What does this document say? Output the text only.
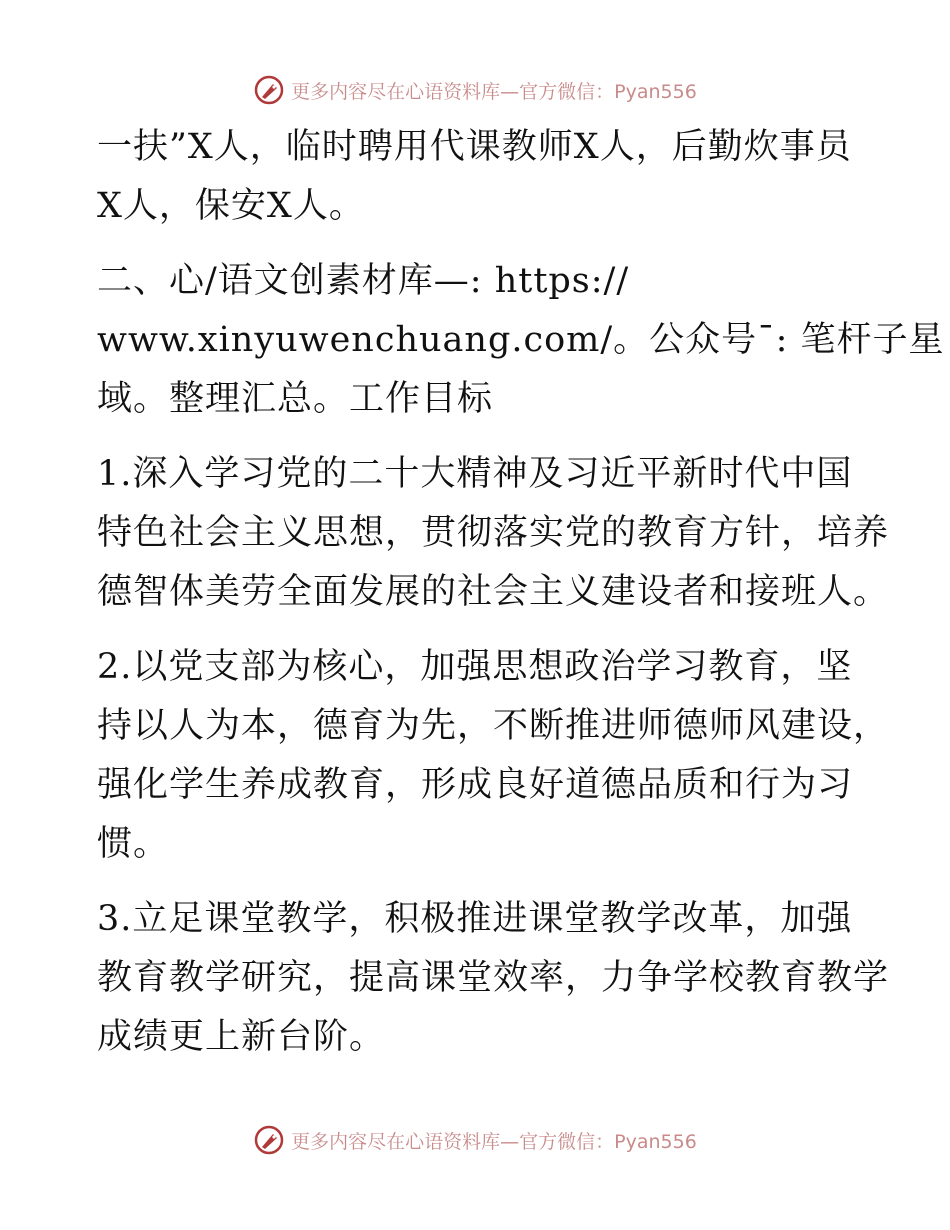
更多内容尽在心语资料库—官方微信：Pyan556
一扶”X人，临时聘用代课教师X人，后勤炊事员
X人，保安X人。
二、心/语文创素材库—: https://
www.xinyuwenchuang.com/。公众号¯: 笔杆子星
域。整理汇总。工作目标
1.深入学习党的二十大精神及习近平新时代中国
特色社会主义思想，贯彻落实党的教育方针，培养
德智体美劳全面发展的社会主义建设者和接班人。
2.以党支部为核心，加强思想政治学习教育，坚
持以人为本，德育为先，不断推进师德师风建设，
强化学生养成教育，形成良好道德品质和行为习
惯。
3.立足课堂教学，积极推进课堂教学改革，加强
教育教学研究，提高课堂效率，力争学校教育教学
成绩更上新台阶。
更多内容尽在心语资料库—官方微信：Pyan556
